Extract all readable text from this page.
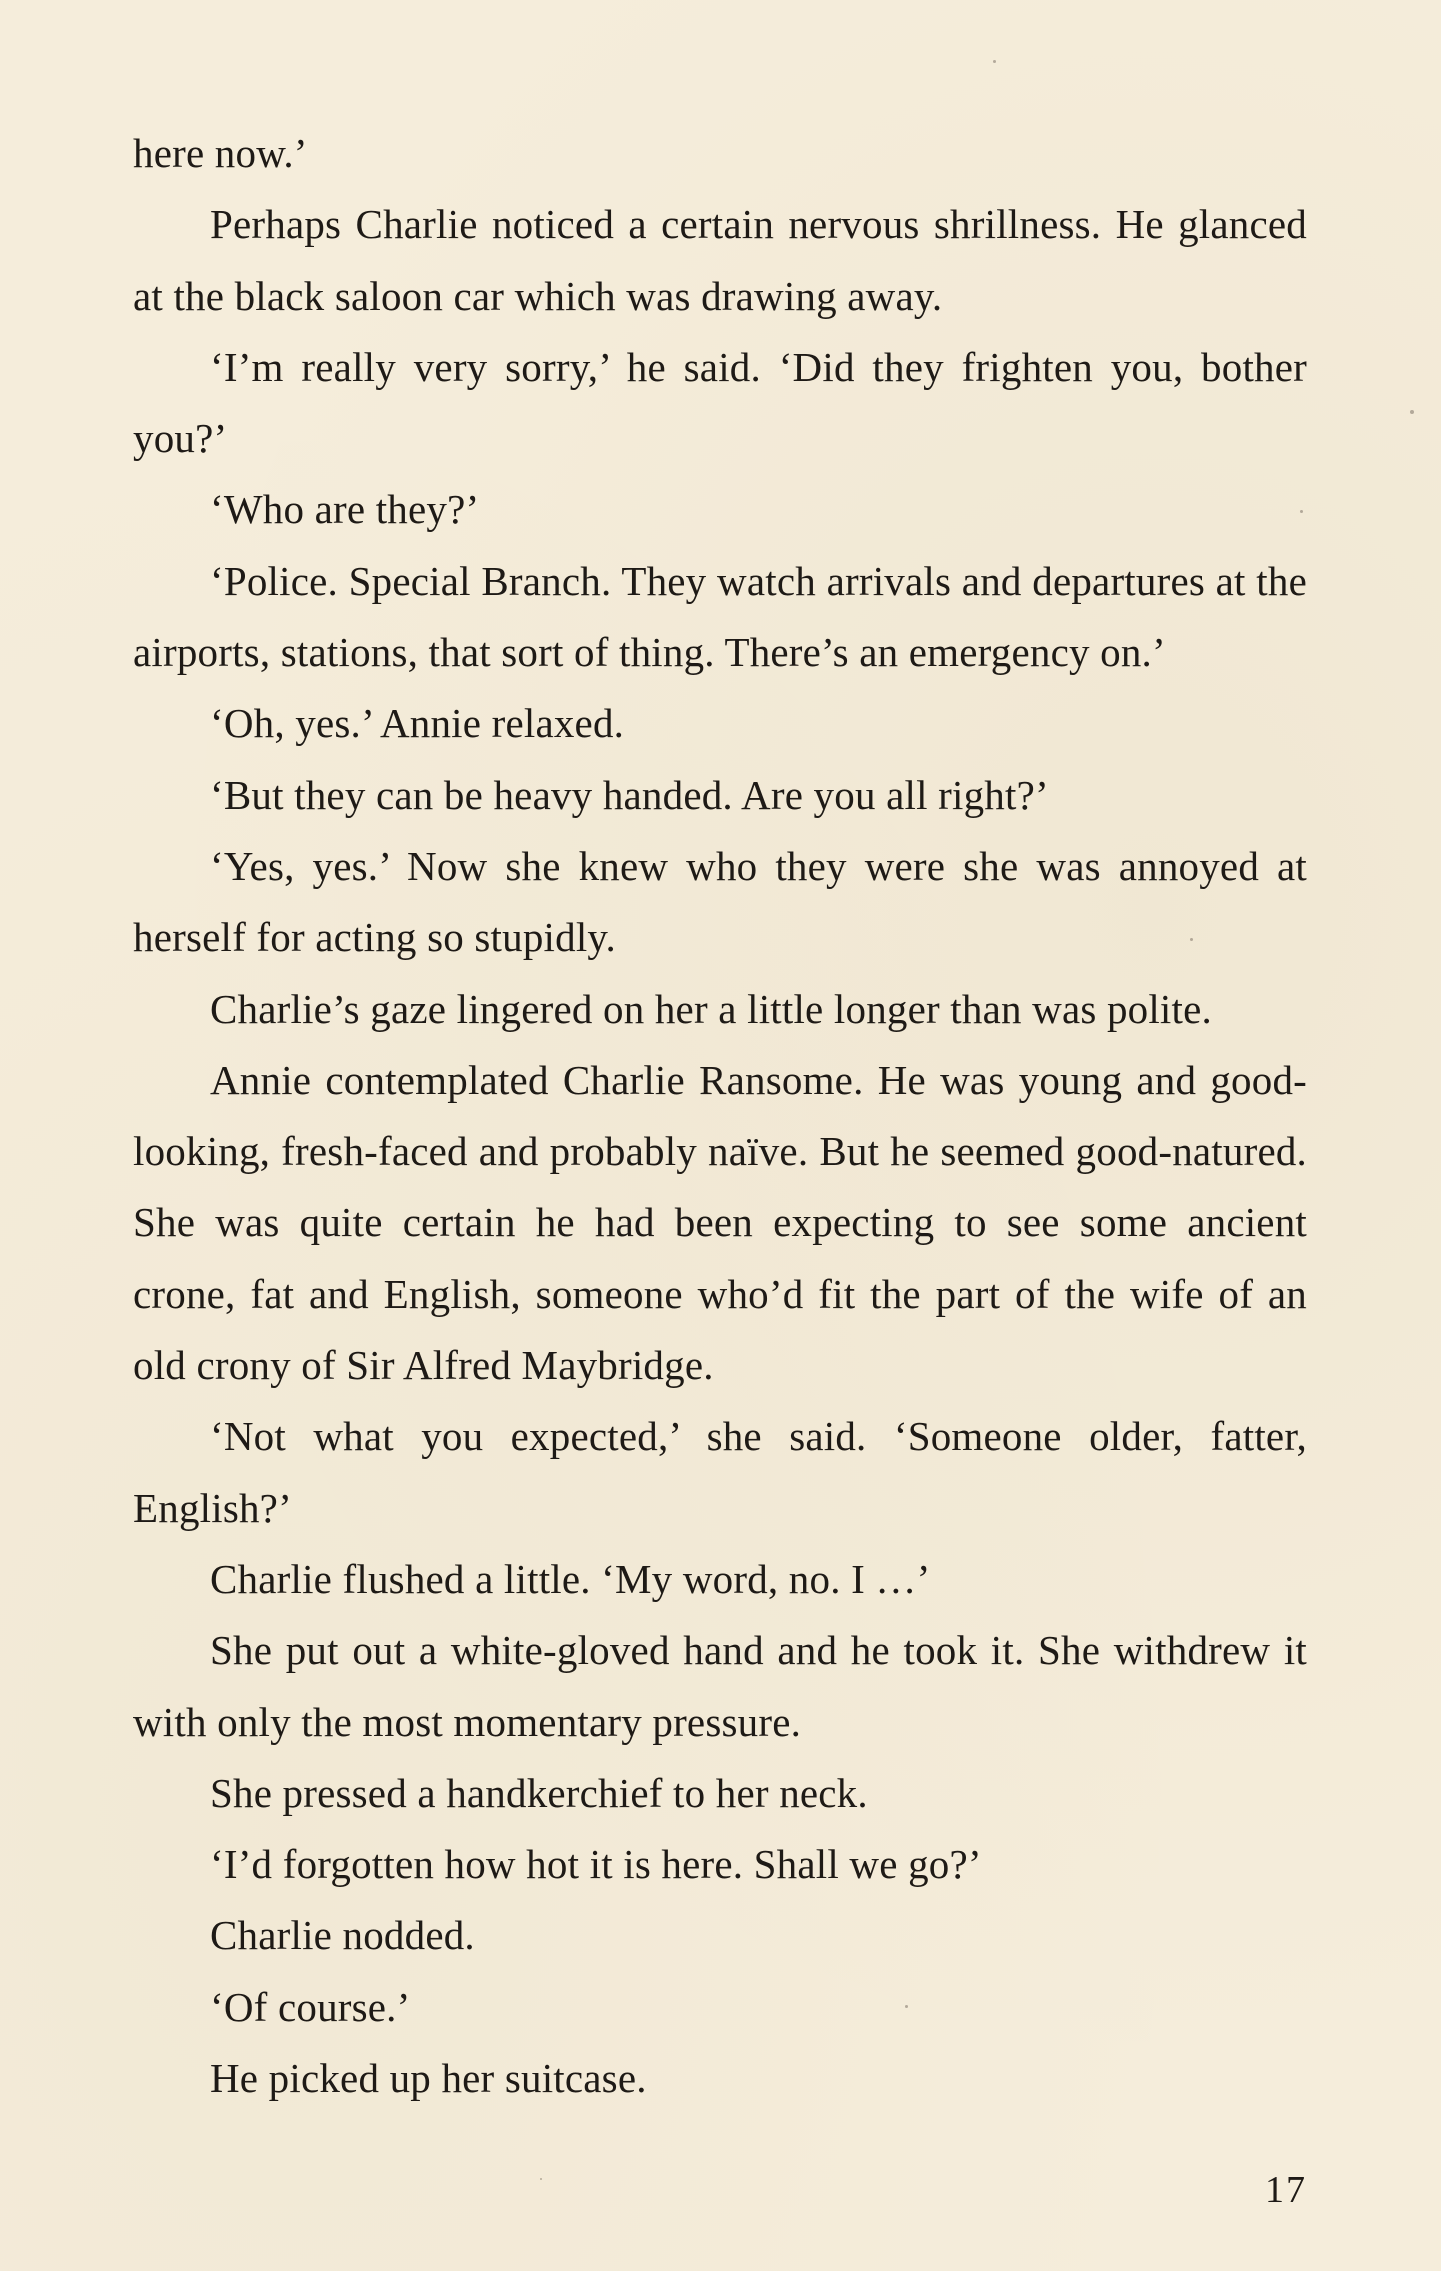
here now.’

Perhaps Charlie noticed a certain nervous shrillness. He glanced at the black saloon car which was drawing away.

‘I’m really very sorry,’ he said. ‘Did they frighten you, bother you?’

‘Who are they?’

‘Police. Special Branch. They watch arrivals and departures at the airports, stations, that sort of thing. There’s an emergency on.’

‘Oh, yes.’ Annie relaxed.

‘But they can be heavy handed. Are you all right?’

‘Yes, yes.’ Now she knew who they were she was annoyed at herself for acting so stupidly.

Charlie’s gaze lingered on her a little longer than was polite.

Annie contemplated Charlie Ransome. He was young and good-looking, fresh-faced and probably naïve. But he seemed good-natured. She was quite certain he had been expecting to see some ancient crone, fat and English, someone who’d fit the part of the wife of an old crony of Sir Alfred Maybridge.

‘Not what you expected,’ she said. ‘Someone older, fatter, English?’

Charlie flushed a little. ‘My word, no. I …’

She put out a white-gloved hand and he took it. She withdrew it with only the most momentary pressure.

She pressed a handkerchief to her neck.

‘I’d forgotten how hot it is here. Shall we go?’

Charlie nodded.

‘Of course.’

He picked up her suitcase.

17
